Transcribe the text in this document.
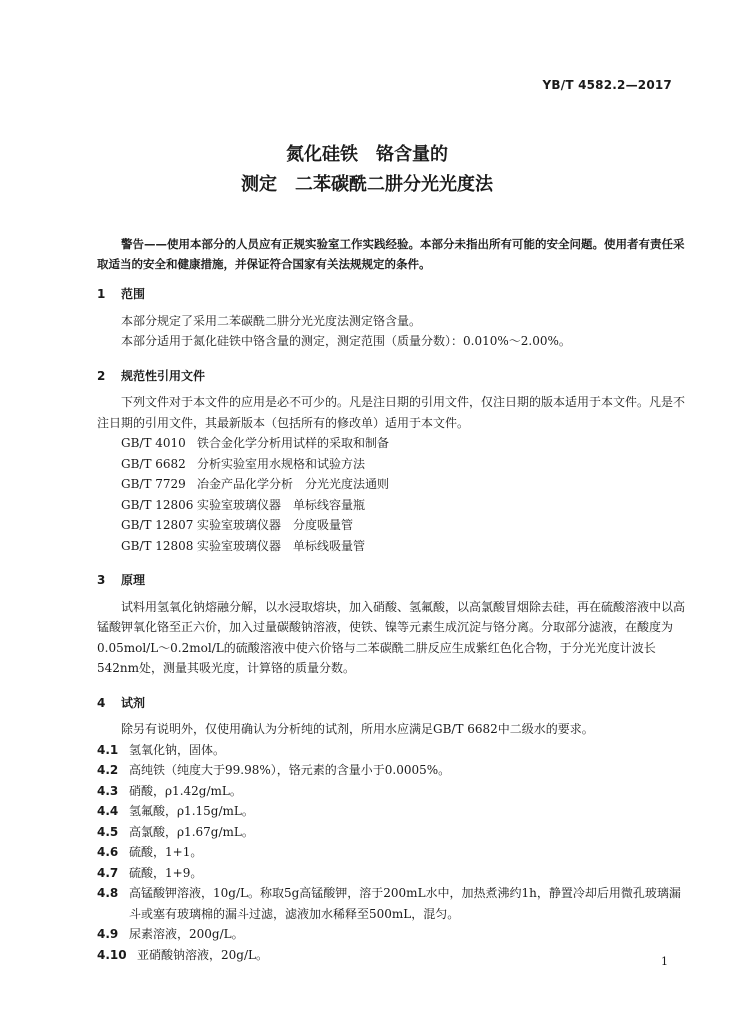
YB/T 4582.2—2017
氮化硅铁　铬含量的
测定　二苯碳酰二肼分光光度法
警告——使用本部分的人员应有正规实验室工作实践经验。本部分未指出所有可能的安全问题。使用者有责任采取适当的安全和健康措施，并保证符合国家有关法规规定的条件。
1	范围
本部分规定了采用二苯碳酰二肼分光光度法测定铬含量。
本部分适用于氮化硅铁中铬含量的测定，测定范围（质量分数）：0.010%～2.00%。
2	规范性引用文件
下列文件对于本文件的应用是必不可少的。凡是注日期的引用文件，仅注日期的版本适用于本文件。凡是不注日期的引用文件，其最新版本（包括所有的修改单）适用于本文件。
GB/T 4010 铁合金化学分析用试样的采取和制备
GB/T 6682 分析实验室用水规格和试验方法
GB/T 7729 冶金产品化学分析　分光光度法通则
GB/T 12806 实验室玻璃仪器　单标线容量瓶
GB/T 12807 实验室玻璃仪器　分度吸量管
GB/T 12808 实验室玻璃仪器　单标线吸量管
3	原理
试料用氢氧化钠熔融分解，以水浸取熔块，加入硝酸、氢氟酸，以高氯酸冒烟除去硅，再在硫酸溶液中以高锰酸钾氧化铬至正六价，加入过量碳酸钠溶液，使铁、镍等元素生成沉淀与铬分离。分取部分滤液，在酸度为0.05mol/L～0.2mol/L的硫酸溶液中使六价铬与二苯碳酰二肼反应生成紫红色化合物，于分光光度计波长542nm处，测量其吸光度，计算铬的质量分数。
4	试剂
除另有说明外，仅使用确认为分析纯的试剂，所用水应满足GB/T 6682中二级水的要求。
4.1 氢氧化钠，固体。
4.2 高纯铁（纯度大于99.98%），铬元素的含量小于0.0005%。
4.3 硝酸，ρ1.42g/mL。
4.4 氢氟酸，ρ1.15g/mL。
4.5 高氯酸，ρ1.67g/mL。
4.6 硫酸，1+1。
4.7 硫酸，1+9。
4.8 高锰酸钾溶液，10g/L。称取5g高锰酸钾，溶于200mL水中，加热煮沸约1h，静置冷却后用微孔玻璃漏斗或塞有玻璃棉的漏斗过滤，滤液加水稀释至500mL，混匀。
4.9 尿素溶液，200g/L。
4.10 亚硝酸钠溶液，20g/L。	1
